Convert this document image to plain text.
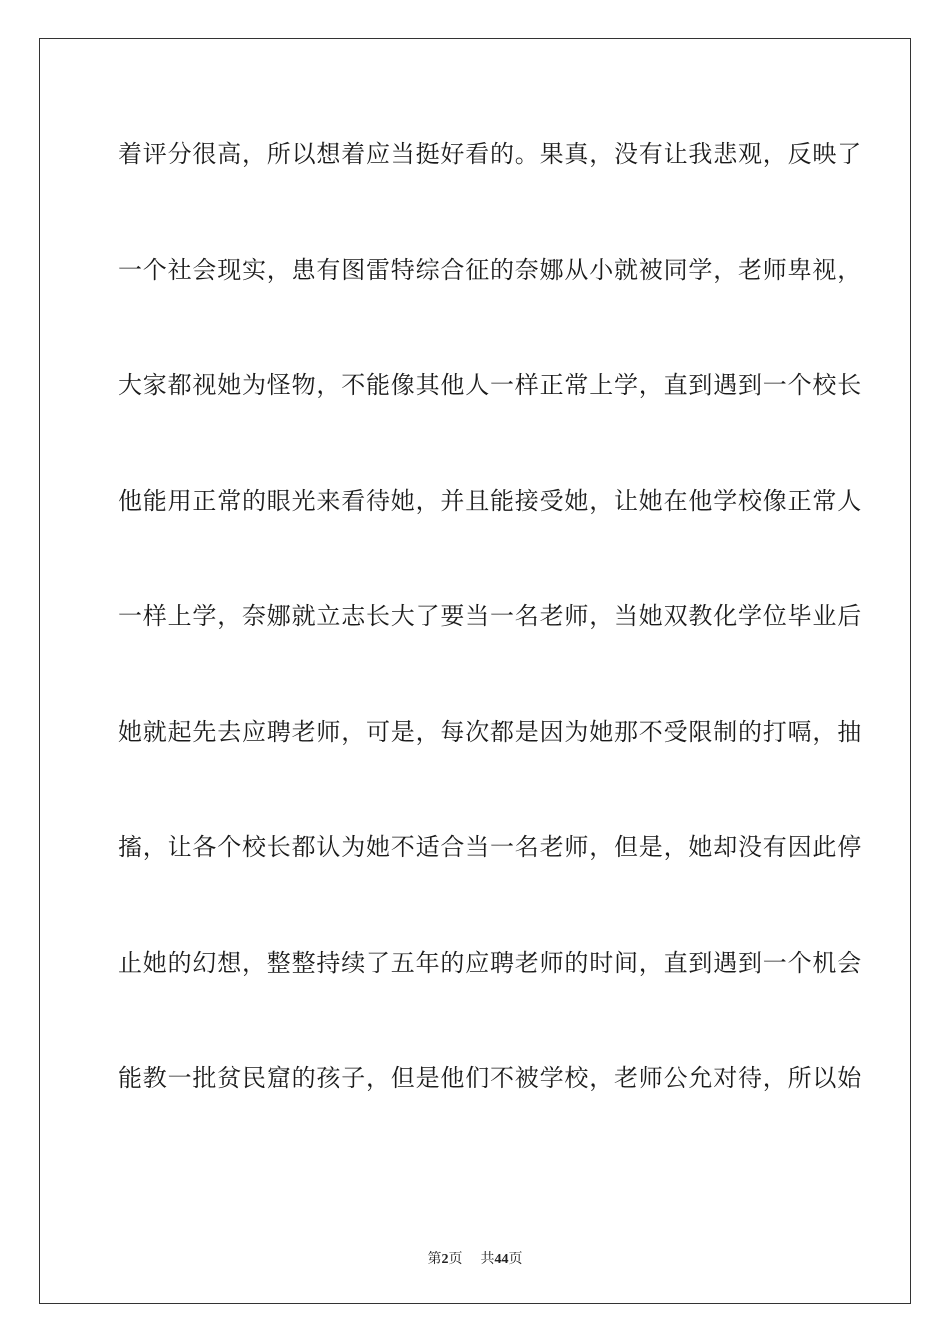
着评分很高，所以想着应当挺好看的。果真，没有让我悲观，反映了
一个社会现实，患有图雷特综合征的奈娜从小就被同学，老师卑视，
大家都视她为怪物，不能像其他人一样正常上学，直到遇到一个校长
他能用正常的眼光来看待她，并且能接受她，让她在他学校像正常人
一样上学，奈娜就立志长大了要当一名老师，当她双教化学位毕业后
她就起先去应聘老师，可是，每次都是因为她那不受限制的打嗝，抽
搐，让各个校长都认为她不适合当一名老师，但是，她却没有因此停
止她的幻想，整整持续了五年的应聘老师的时间，直到遇到一个机会
能教一批贫民窟的孩子，但是他们不被学校，老师公允对待，所以始
第2页 共44页
